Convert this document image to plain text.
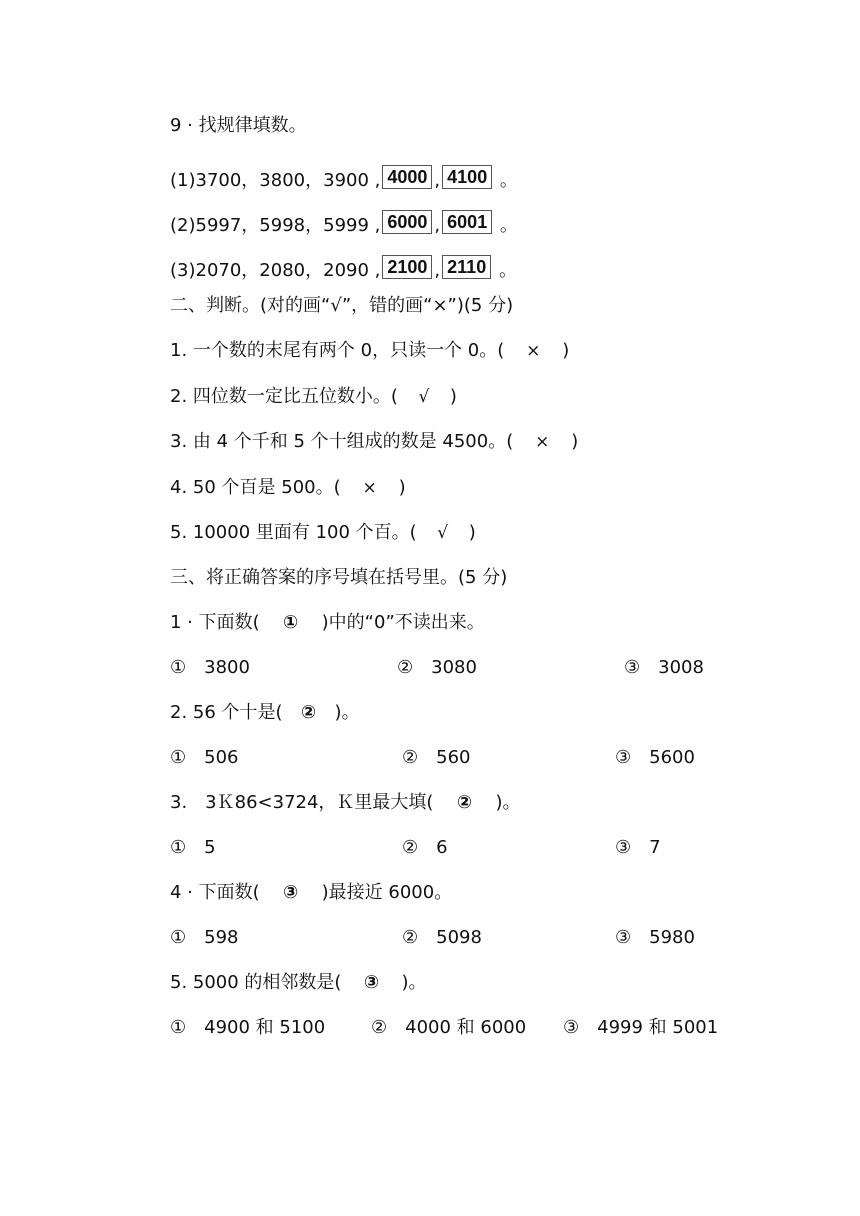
9 · 找规律填数。
(1)3700，3800，3900 , 4000 , 4100 。
(2)5997，5998，5999 , 6000 , 6001 。
(3)2070，2080，2090 , 2100 , 2110 。
二、判断。(对的画“√”，错的画“×”)(5 分)
1. 一个数的末尾有两个 0，只读一个 0。( × )
2. 四位数一定比五位数小。( √ )
3. 由 4 个千和 5 个十组成的数是 4500。( × )
4. 50 个百是 500。( × )
5. 10000 里面有 100 个百。( √ )
三、将正确答案的序号填在括号里。(5 分)
1 · 下面数( ① )中的“0”不读出来。
①　3800	②　3080	③　3008
2. 56 个十是( ② )。
①　506	②　560	③　5600
3.　3Ｋ86<3724，Ｋ里最大填( ② )。
①　5	②　6	③　7
4 · 下面数( ③ )最接近 6000。
①　598	②　5098	③　5980
5. 5000 的相邻数是( ③ )。
①　4900 和 5100	②　4000 和 6000 ③　4999 和 5001
